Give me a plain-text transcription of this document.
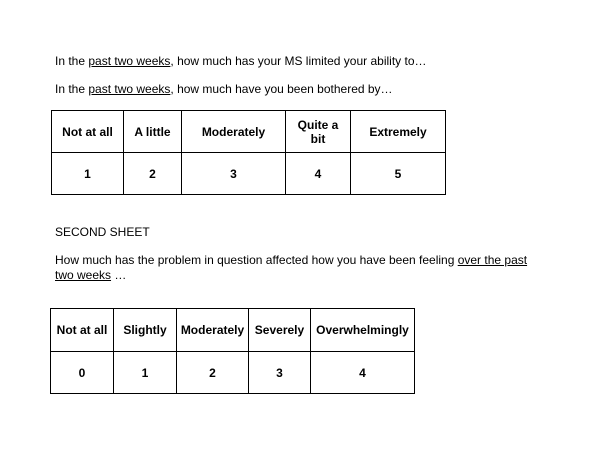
In the past two weeks, how much has your MS limited your ability to…
In the past two weeks, how much have you been bothered by…
Not at all	A little	Moderately	Quite a bit	Extremely
1	2	3	4	5
SECOND SHEET
How much has the problem in question affected how you have been feeling over the past
two weeks …
Not at all	Slightly	Moderately	Severely	Overwhelmingly
0	1	2	3	4
